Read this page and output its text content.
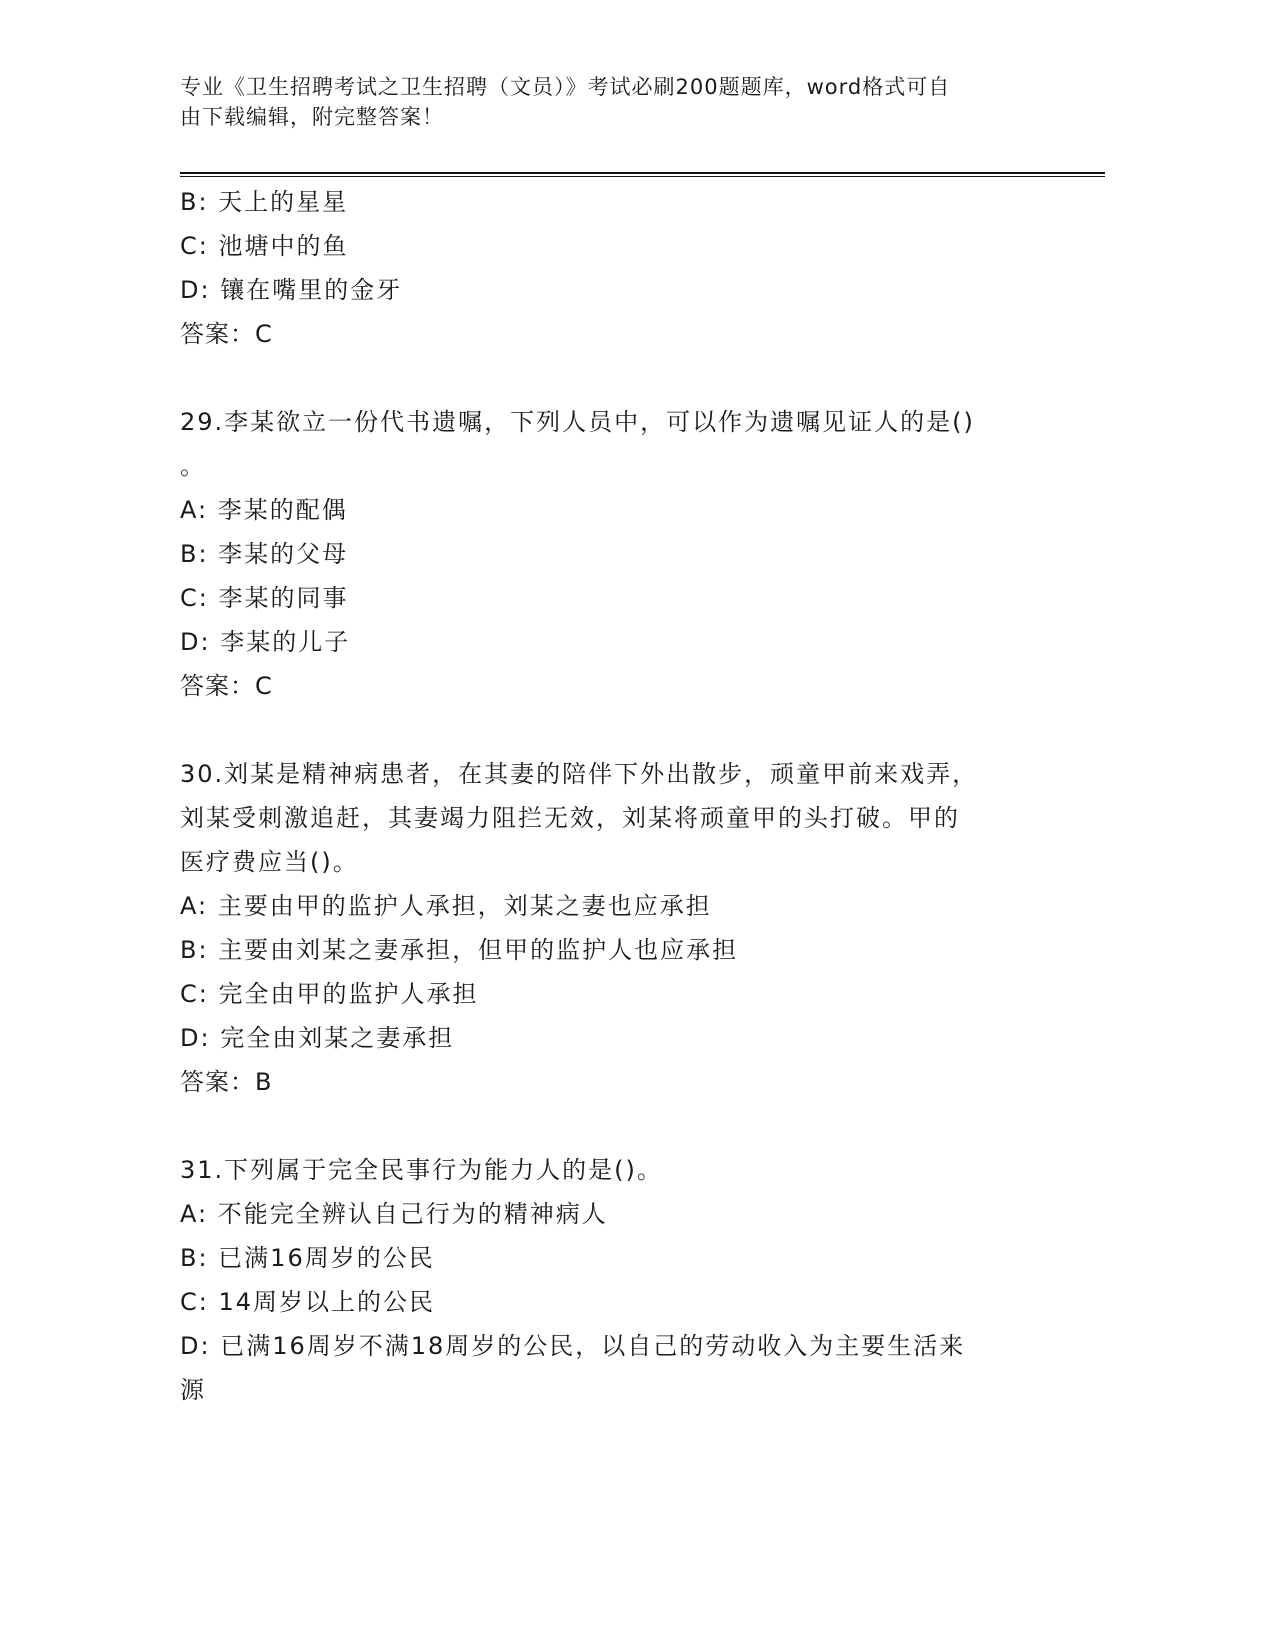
专业《卫生招聘考试之卫生招聘（文员）》考试必刷200题题库，word格式可自
由下载编辑，附完整答案！
B: 天上的星星
C: 池塘中的鱼
D: 镶在嘴里的金牙
答案：C
29.李某欲立一份代书遗嘱，下列人员中，可以作为遗嘱见证人的是()
。
A: 李某的配偶
B: 李某的父母
C: 李某的同事
D: 李某的儿子
答案：C
30.刘某是精神病患者，在其妻的陪伴下外出散步，顽童甲前来戏弄，
刘某受刺激追赶，其妻竭力阻拦无效，刘某将顽童甲的头打破。甲的
医疗费应当()。
A: 主要由甲的监护人承担，刘某之妻也应承担
B: 主要由刘某之妻承担，但甲的监护人也应承担
C: 完全由甲的监护人承担
D: 完全由刘某之妻承担
答案：B
31.下列属于完全民事行为能力人的是()。
A: 不能完全辨认自己行为的精神病人
B: 已满16周岁的公民
C: 14周岁以上的公民
D: 已满16周岁不满18周岁的公民，以自己的劳动收入为主要生活来
源
